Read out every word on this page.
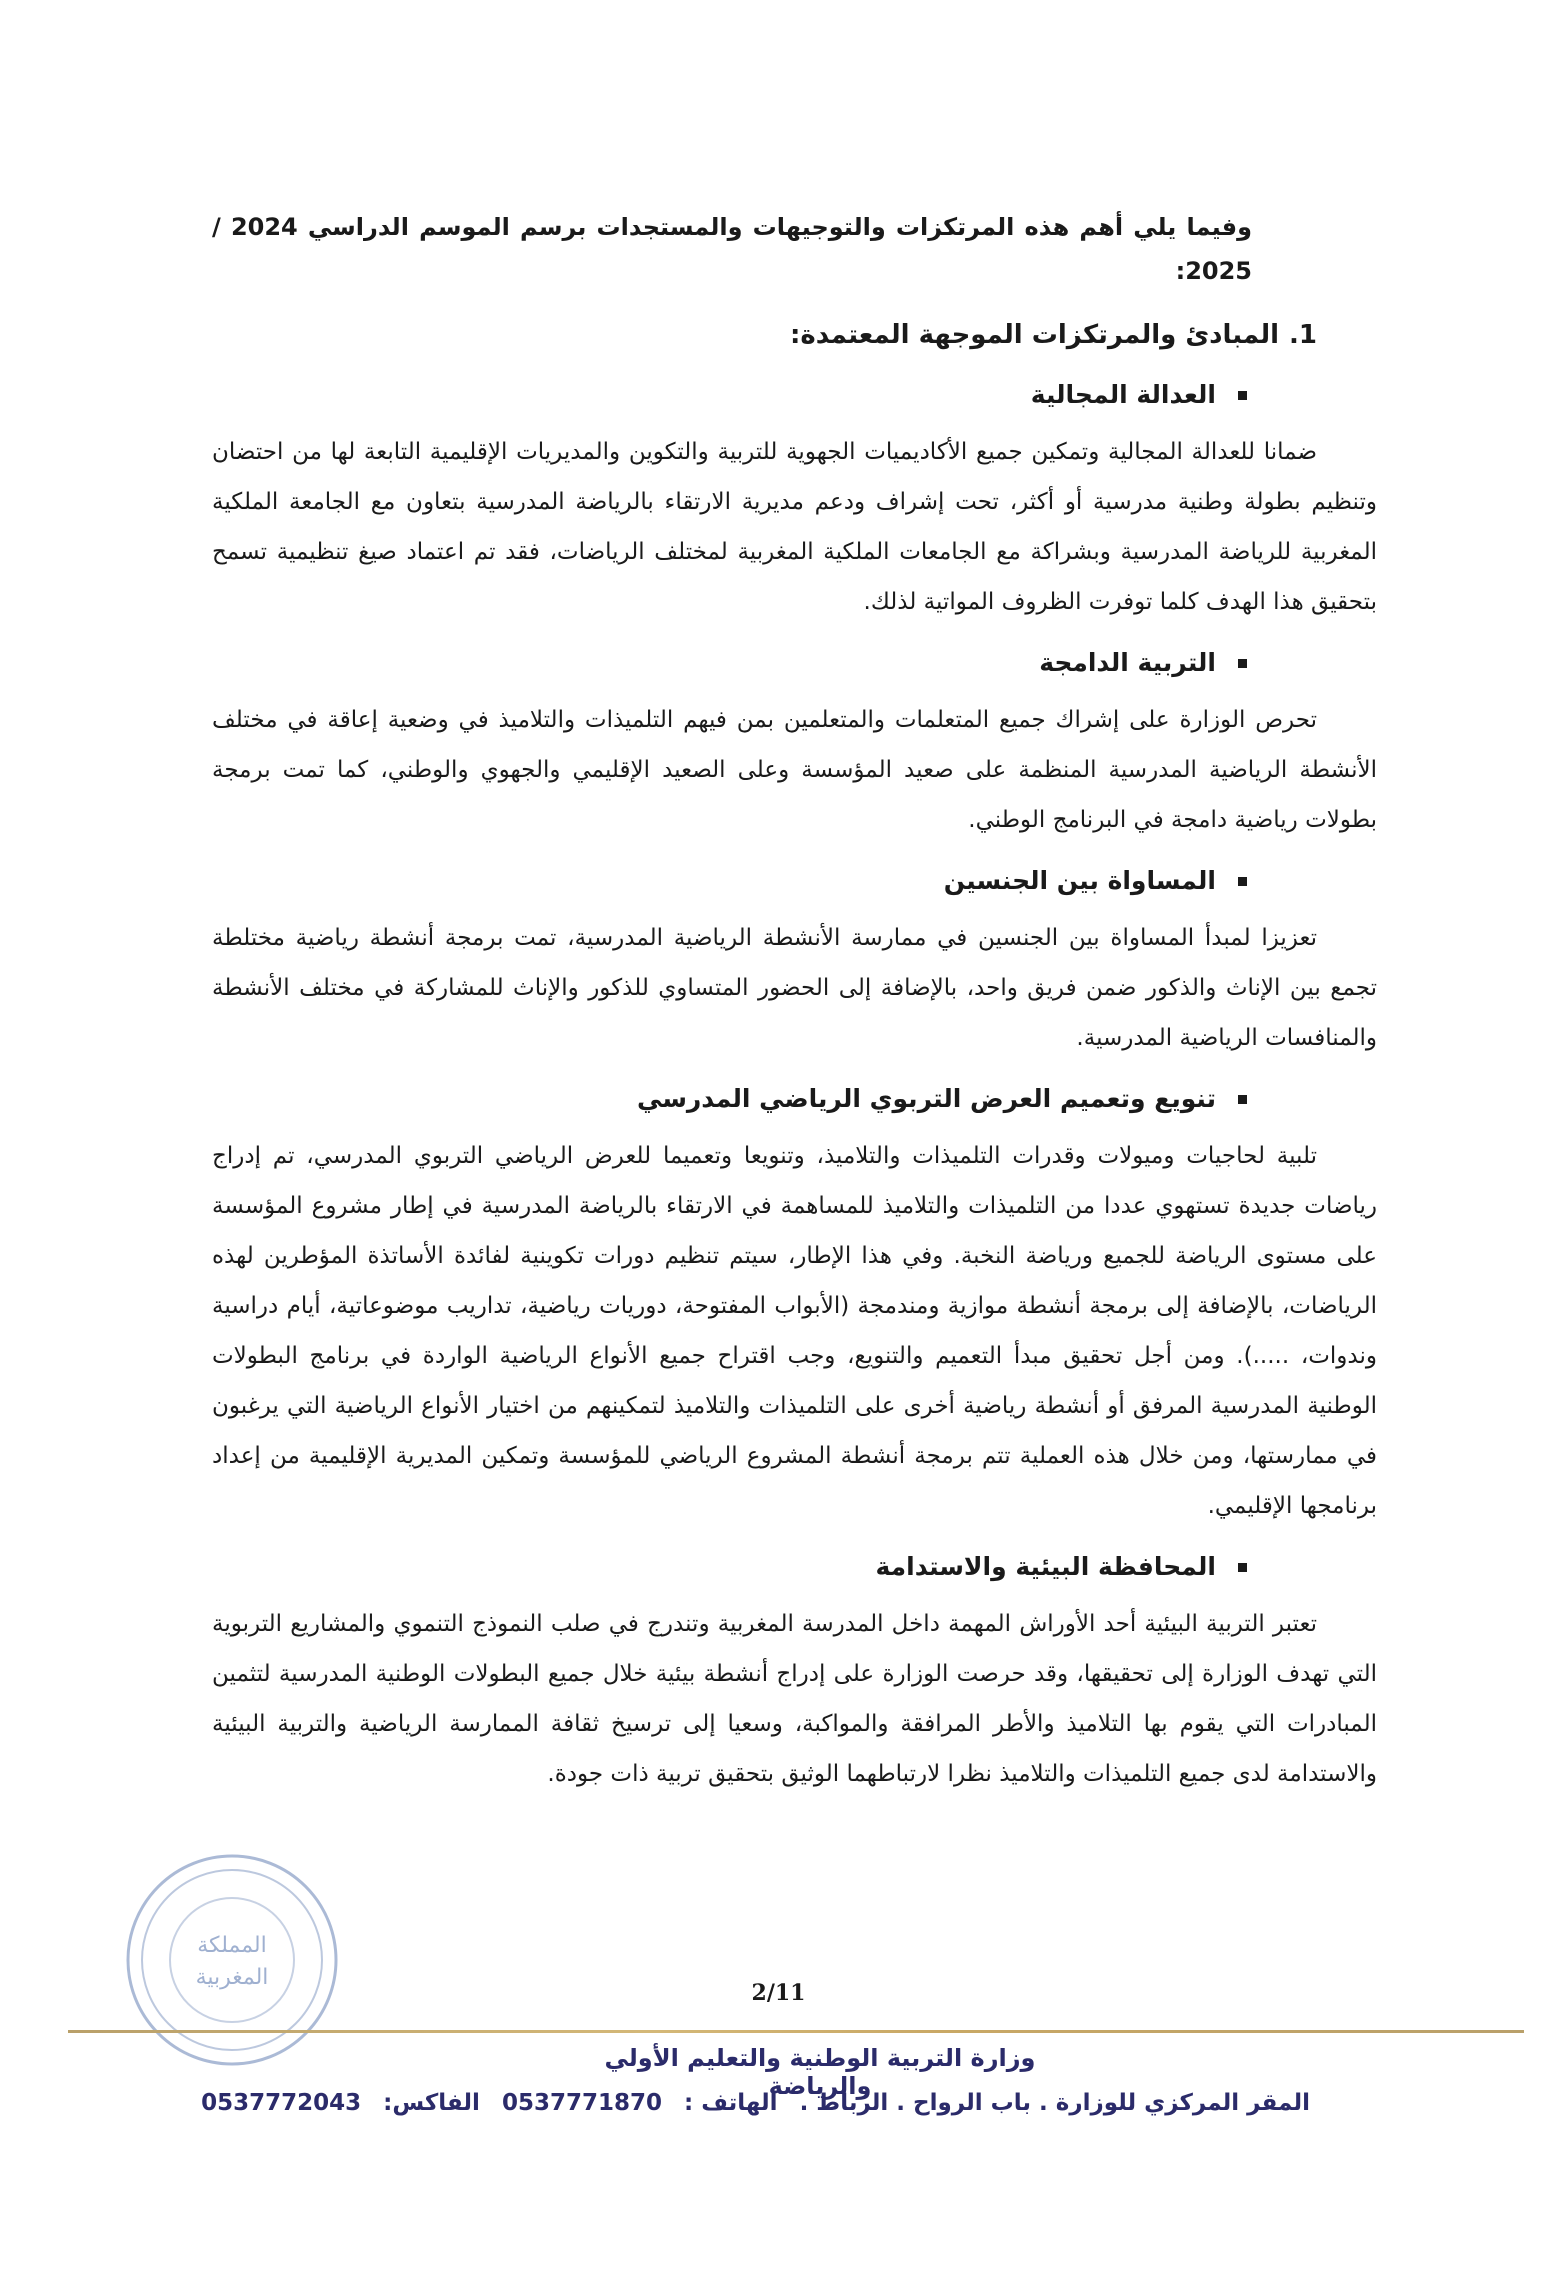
وفيما يلي أهم هذه المرتكزات والتوجيهات والمستجدات برسم الموسم الدراسي 2024 / 2025:

1.المبادئ والمرتكزات الموجهة المعتمدة:
العدالة المجالية

ضمانا للعدالة المجالية وتمكين جميع الأكاديميات الجهوية للتربية والتكوين والمديريات الإقليمية التابعة لها من احتضان وتنظيم بطولة وطنية مدرسية أو أكثر، تحت إشراف ودعم مديرية الارتقاء بالرياضة المدرسية بتعاون مع الجامعة الملكية المغربية للرياضة المدرسية وبشراكة مع الجامعات الملكية المغربية لمختلف الرياضات، فقد تم اعتماد صيغ تنظيمية تسمح بتحقيق هذا الهدف كلما توفرت الظروف المواتية لذلك.

التربية الدامجة

تحرص الوزارة على إشراك جميع المتعلمات والمتعلمين بمن فيهم التلميذات والتلاميذ في وضعية إعاقة في مختلف الأنشطة الرياضية المدرسية المنظمة على صعيد المؤسسة وعلى الصعيد الإقليمي والجهوي والوطني، كما تمت برمجة بطولات رياضية دامجة في البرنامج الوطني.

المساواة بين الجنسين

تعزيزا لمبدأ المساواة بين الجنسين في ممارسة الأنشطة الرياضية المدرسية، تمت برمجة أنشطة رياضية مختلطة تجمع بين الإناث والذكور ضمن فريق واحد، بالإضافة إلى الحضور المتساوي للذكور والإناث للمشاركة في مختلف الأنشطة والمنافسات الرياضية المدرسية.

تنويع وتعميم العرض التربوي الرياضي المدرسي

تلبية لحاجيات وميولات وقدرات التلميذات والتلاميذ، وتنويعا وتعميما للعرض الرياضي التربوي المدرسي، تم إدراج رياضات جديدة تستهوي عددا من التلميذات والتلاميذ للمساهمة في الارتقاء بالرياضة المدرسية في إطار مشروع المؤسسة على مستوى الرياضة للجميع ورياضة النخبة. وفي هذا الإطار، سيتم تنظيم دورات تكوينية لفائدة الأساتذة المؤطرين لهذه الرياضات، بالإضافة إلى برمجة أنشطة موازية ومندمجة (الأبواب المفتوحة، دوريات رياضية، تداريب موضوعاتية، أيام دراسية وندوات، .....). ومن أجل تحقيق مبدأ التعميم والتنويع، وجب اقتراح جميع الأنواع الرياضية الواردة في برنامج البطولات الوطنية المدرسية المرفق أو أنشطة رياضية أخرى على التلميذات والتلاميذ لتمكينهم من اختيار الأنواع الرياضية التي يرغبون في ممارستها، ومن خلال هذه العملية تتم برمجة أنشطة المشروع الرياضي للمؤسسة وتمكين المديرية الإقليمية من إعداد برنامجها الإقليمي.

المحافظة البيئية والاستدامة

تعتبر التربية البيئية أحد الأوراش المهمة داخل المدرسة المغربية وتندرج في صلب النموذج التنموي والمشاريع التربوية التي تهدف الوزارة إلى تحقيقها، وقد حرصت الوزارة على إدراج أنشطة بيئية خلال جميع البطولات الوطنية المدرسية لتثمين المبادرات التي يقوم بها التلاميذ والأطر المرافقة والمواكبة، وسعيا إلى ترسيخ ثقافة الممارسة الرياضية والتربية البيئية والاستدامة لدى جميع التلميذات والتلاميذ نظرا لارتباطهما الوثيق بتحقيق تربية ذات جودة.

المملكة
المغربية
2/11
وزارة التربية الوطنية والتعليم الأولي والرياضة
المقر المركزي للوزارة . باب الرواح . الرباط .
الهاتف :
0537771870
الفاكس:
0537772043
